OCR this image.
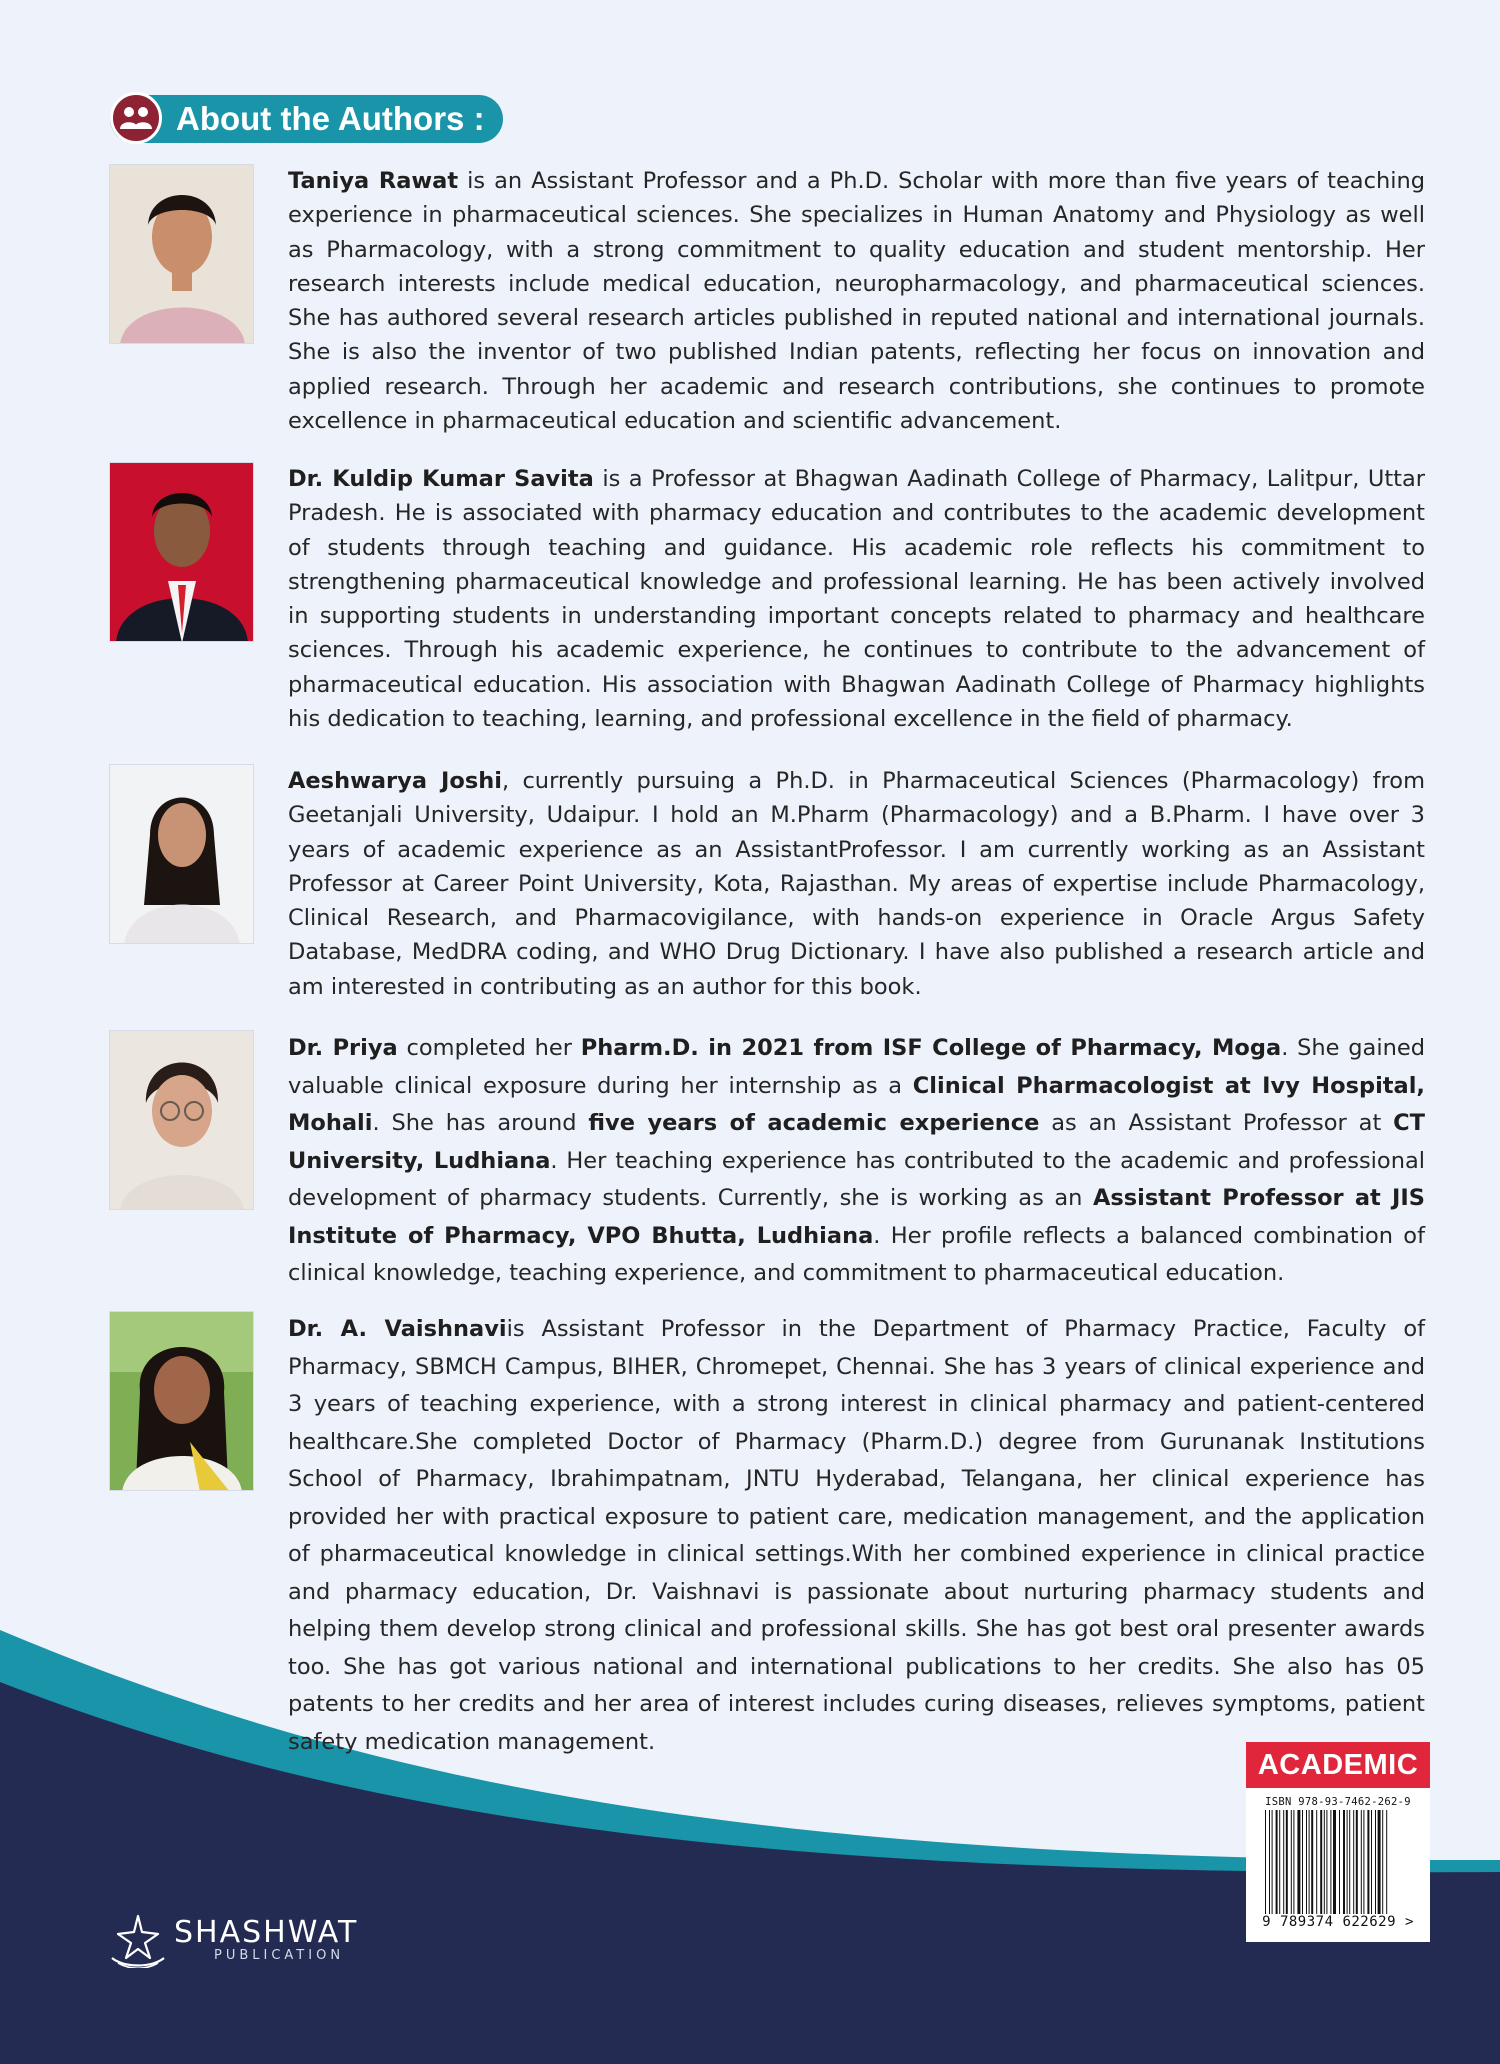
About the Authors :
Taniya Rawat is an Assistant Professor and a Ph.D. Scholar with more than five years of teaching experience in pharmaceutical sciences. She specializes in Human Anatomy and Physiology as well as Pharmacology, with a strong commitment to quality education and student mentorship. Her research interests include medical education, neuropharmacology, and pharmaceutical sciences. She has authored several research articles published in reputed national and international journals. She is also the inventor of two published Indian patents, reflecting her focus on innovation and applied research. Through her academic and research contributions, she continues to promote excellence in pharmaceutical education and scientific advancement.
Dr. Kuldip Kumar Savita is a Professor at Bhagwan Aadinath College of Pharmacy, Lalitpur, Uttar Pradesh. He is associated with pharmacy education and contributes to the academic development of students through teaching and guidance. His academic role reflects his commitment to strengthening pharmaceutical knowledge and professional learning. He has been actively involved in supporting students in understanding important concepts related to pharmacy and healthcare sciences. Through his academic experience, he continues to contribute to the advancement of pharmaceutical education. His association with Bhagwan Aadinath College of Pharmacy highlights his dedication to teaching, learning, and professional excellence in the field of pharmacy.
Aeshwarya Joshi, currently pursuing a Ph.D. in Pharmaceutical Sciences (Pharmacology) from Geetanjali University, Udaipur. I hold an M.Pharm (Pharmacology) and a B.Pharm. I have over 3 years of academic experience as an AssistantProfessor. I am currently working as an Assistant Professor at Career Point University, Kota, Rajasthan. My areas of expertise include Pharmacology, Clinical Research, and Pharmacovigilance, with hands-on experience in Oracle Argus Safety Database, MedDRA coding, and WHO Drug Dictionary. I have also published a research article and am interested in contributing as an author for this book.
Dr. Priya completed her Pharm.D. in 2021 from ISF College of Pharmacy, Moga. She gained valuable clinical exposure during her internship as a Clinical Pharmacologist at Ivy Hospital, Mohali. She has around five years of academic experience as an Assistant Professor at CT University, Ludhiana. Her teaching experience has contributed to the academic and professional development of pharmacy students. Currently, she is working as an Assistant Professor at JIS Institute of Pharmacy, VPO Bhutta, Ludhiana. Her profile reflects a balanced combination of clinical knowledge, teaching experience, and commitment to pharmaceutical education.
Dr. A. Vaishnaviis Assistant Professor in the Department of Pharmacy Practice, Faculty of Pharmacy, SBMCH Campus, BIHER, Chromepet, Chennai. She has 3 years of clinical experience and 3 years of teaching experience, with a strong interest in clinical pharmacy and patient-centered healthcare.She completed Doctor of Pharmacy (Pharm.D.) degree from Gurunanak Institutions School of Pharmacy, Ibrahimpatnam, JNTU Hyderabad, Telangana, her clinical experience has provided her with practical exposure to patient care, medication management, and the application of pharmaceutical knowledge in clinical settings.With her combined experience in clinical practice and pharmacy education, Dr. Vaishnavi is passionate about nurturing pharmacy students and helping them develop strong clinical and professional skills. She has got best oral presenter awards too. She has got various national and international publications to her credits. She also has 05 patents to her credits and her area of interest includes curing diseases, relieves symptoms, patient safety medication management.
SHASHWAT
PUBLICATION
ACADEMIC
ISBN 978-93-7462-262-9
9 789374 622629 >
